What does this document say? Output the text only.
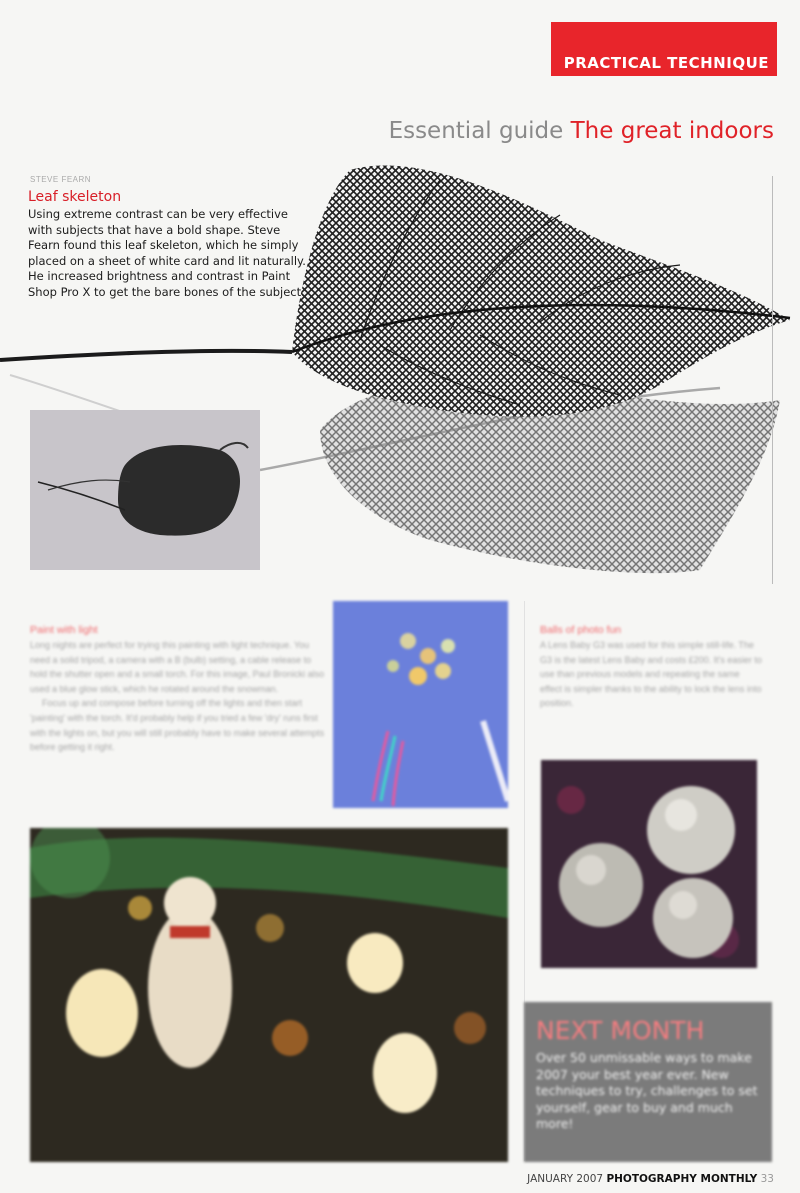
PRACTICAL TECHNIQUE
Essential guide The great indoors
STEVE FEARN
Leaf skeleton
Using extreme contrast can be very effective with subjects that have a bold shape. Steve Fearn found this leaf skeleton, which he simply placed on a sheet of white card and lit naturally. He increased brightness and contrast in Paint Shop Pro X to get the bare bones of the subject.
Paint with light

Long nights are perfect for trying this painting with light technique. You need a solid tripod, a camera with a B (bulb) setting, a cable release to hold the shutter open and a small torch. For this image, Paul Bronicki also used a blue glow stick, which he rotated around the snowman.

Focus up and compose before turning off the lights and then start 'painting' with the torch. It'd probably help if you tried a few 'dry' runs first with the lights on, but you will still probably have to make several attempts before getting it right.

Balls of photo fun
A Lens Baby G3 was used for this simple still-life. The G3 is the latest Lens Baby and costs £200. It's easier to use than previous models and repeating the same effect is simpler thanks to the ability to lock the lens into position.
NEXT MONTH
Over 50 unmissable ways to make 2007 your best year ever. New techniques to try, challenges to set yourself, gear to buy and much more!
JANUARY 2007 PHOTOGRAPHY MONTHLY 33
